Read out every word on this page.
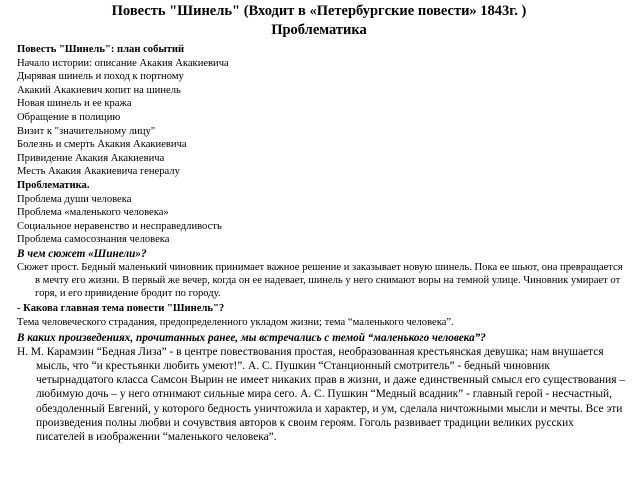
Повесть "Шинель" (Входит в «Петербургские повести» 1843г. )
Проблематика
Повесть "Шинель": план событий
Начало истории: описание Акакия Акакиевича
Дырявая шинель и поход к портному
Акакий Акакиевич копит на шинель
Новая шинель и ее кража
Обращение в полицию
Визит к "значительному лицу"
Болезнь и смерть Акакия Акакиевича
Привидение Акакия Акакиевича
Месть Акакия Акакиевича генералу
Проблематика.
Проблема души человека
Проблема «маленького человека»
Социальное неравенство и несправедливость
Проблема самосознания человека
В чем сюжет «Шинели»?
Сюжет прост. Бедный маленький чиновник принимает важное решение и заказывает новую шинель. Пока ее шьют, она превращается в мечту его жизни. В первый же вечер, когда он ее надевает, шинель у него снимают воры на темной улице. Чиновник умирает от горя, и его привидение бродит по городу.
- Какова главная тема повести "Шинель"?
Тема человеческого страдания, предопределенного укладом жизни; тема “маленького человека”.
В каких произведениях, прочитанных ранее, мы встречались с темой “маленького человека”?
Н. М. Карамзин “Бедная Лиза” - в центре повествования простая, необразованная крестьянская девушка; нам внушается мысль, что “и крестьянки любить умеют!”. А. С. Пушкин “Станционный смотритель” - бедный чиновник четырнадцатого класса Самсон Вырин не имеет никаких прав в жизни, и даже единственный смысл его существования – любимую дочь – у него отнимают сильные мира сего. А. С. Пушкин “Медный всадник” - главный герой - несчастный, обездоленный Евгений, у которого бедность уничтожила и характер, и ум, сделала ничтожными мысли и мечты. Все эти произведения полны любви и сочувствия авторов к своим героям. Гоголь развивает традиции великих русских писателей в изображении “маленького человека”.
